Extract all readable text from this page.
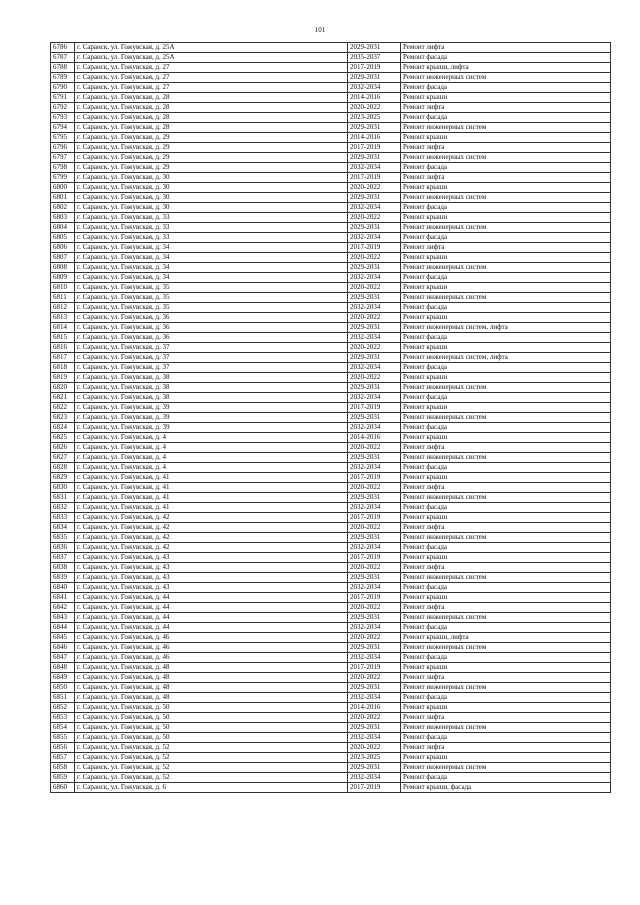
101
6786	г. Саранск, ул. Гожувская, д. 25А	2029-2031	Ремонт лифта
6787	г. Саранск, ул. Гожувская, д. 25А	2035-2037	Ремонт фасада
6788	г. Саранск, ул. Гожувская, д. 27	2017-2019	Ремонт крыши, лифта
6789	г. Саранск, ул. Гожувская, д. 27	2029-2031	Ремонт инженерных систем
6790	г. Саранск, ул. Гожувская, д. 27	2032-2034	Ремонт фасада
6791	г. Саранск, ул. Гожувская, д. 28	2014-2016	Ремонт крыши
6792	г. Саранск, ул. Гожувская, д. 28	2020-2022	Ремонт лифта
6793	г. Саранск, ул. Гожувская, д. 28	2023-2025	Ремонт фасада
6794	г. Саранск, ул. Гожувская, д. 28	2029-2031	Ремонт инженерных систем
6795	г. Саранск, ул. Гожувская, д. 29	2014-2016	Ремонт крыши
6796	г. Саранск, ул. Гожувская, д. 29	2017-2019	Ремонт лифта
6797	г. Саранск, ул. Гожувская, д. 29	2029-2031	Ремонт инженерных систем
6798	г. Саранск, ул. Гожувская, д. 29	2032-2034	Ремонт фасада
6799	г. Саранск, ул. Гожувская, д. 30	2017-2019	Ремонт лифта
6800	г. Саранск, ул. Гожувская, д. 30	2020-2022	Ремонт крыши
6801	г. Саранск, ул. Гожувская, д. 30	2029-2031	Ремонт инженерных систем
6802	г. Саранск, ул. Гожувская, д. 30	2032-2034	Ремонт фасада
6803	г. Саранск, ул. Гожувская, д. 33	2020-2022	Ремонт крыши
6804	г. Саранск, ул. Гожувская, д. 33	2029-2031	Ремонт инженерных систем
6805	г. Саранск, ул. Гожувская, д. 33	2032-2034	Ремонт фасада
6806	г. Саранск, ул. Гожувская, д. 34	2017-2019	Ремонт лифта
6807	г. Саранск, ул. Гожувская, д. 34	2020-2022	Ремонт крыши
6808	г. Саранск, ул. Гожувская, д. 34	2029-2031	Ремонт инженерных систем
6809	г. Саранск, ул. Гожувская, д. 34	2032-2034	Ремонт фасада
6810	г. Саранск, ул. Гожувская, д. 35	2020-2022	Ремонт крыши
6811	г. Саранск, ул. Гожувская, д. 35	2029-2031	Ремонт инженерных систем
6812	г. Саранск, ул. Гожувская, д. 35	2032-2034	Ремонт фасада
6813	г. Саранск, ул. Гожувская, д. 36	2020-2022	Ремонт крыши
6814	г. Саранск, ул. Гожувская, д. 36	2029-2031	Ремонт инженерных систем, лифта
6815	г. Саранск, ул. Гожувская, д. 36	2032-2034	Ремонт фасада
6816	г. Саранск, ул. Гожувская, д. 37	2020-2022	Ремонт крыши
6817	г. Саранск, ул. Гожувская, д. 37	2029-2031	Ремонт инженерных систем, лифта
6818	г. Саранск, ул. Гожувская, д. 37	2032-2034	Ремонт фасада
6819	г. Саранск, ул. Гожувская, д. 38	2020-2022	Ремонт крыши
6820	г. Саранск, ул. Гожувская, д. 38	2029-2031	Ремонт инженерных систем
6821	г. Саранск, ул. Гожувская, д. 38	2032-2034	Ремонт фасада
6822	г. Саранск, ул. Гожувская, д. 39	2017-2019	Ремонт крыши
6823	г. Саранск, ул. Гожувская, д. 39	2029-2031	Ремонт инженерных систем
6824	г. Саранск, ул. Гожувская, д. 39	2032-2034	Ремонт фасада
6825	г. Саранск, ул. Гожувская, д. 4	2014-2016	Ремонт крыши
6826	г. Саранск, ул. Гожувская, д. 4	2020-2022	Ремонт лифта
6827	г. Саранск, ул. Гожувская, д. 4	2029-2031	Ремонт инженерных систем
6828	г. Саранск, ул. Гожувская, д. 4	2032-2034	Ремонт фасада
6829	г. Саранск, ул. Гожувская, д. 41	2017-2019	Ремонт крыши
6830	г. Саранск, ул. Гожувская, д. 41	2020-2022	Ремонт лифта
6831	г. Саранск, ул. Гожувская, д. 41	2029-2031	Ремонт инженерных систем
6832	г. Саранск, ул. Гожувская, д. 41	2032-2034	Ремонт фасада
6833	г. Саранск, ул. Гожувская, д. 42	2017-2019	Ремонт крыши
6834	г. Саранск, ул. Гожувская, д. 42	2020-2022	Ремонт лифта
6835	г. Саранск, ул. Гожувская, д. 42	2029-2031	Ремонт инженерных систем
6836	г. Саранск, ул. Гожувская, д. 42	2032-2034	Ремонт фасада
6837	г. Саранск, ул. Гожувская, д. 43	2017-2019	Ремонт крыши
6838	г. Саранск, ул. Гожувская, д. 43	2020-2022	Ремонт лифта
6839	г. Саранск, ул. Гожувская, д. 43	2029-2031	Ремонт инженерных систем
6840	г. Саранск, ул. Гожувская, д. 43	2032-2034	Ремонт фасада
6841	г. Саранск, ул. Гожувская, д. 44	2017-2019	Ремонт крыши
6842	г. Саранск, ул. Гожувская, д. 44	2020-2022	Ремонт лифта
6843	г. Саранск, ул. Гожувская, д. 44	2029-2031	Ремонт инженерных систем
6844	г. Саранск, ул. Гожувская, д. 44	2032-2034	Ремонт фасада
6845	г. Саранск, ул. Гожувская, д. 46	2020-2022	Ремонт крыши, лифта
6846	г. Саранск, ул. Гожувская, д. 46	2029-2031	Ремонт инженерных систем
6847	г. Саранск, ул. Гожувская, д. 46	2032-2034	Ремонт фасада
6848	г. Саранск, ул. Гожувская, д. 48	2017-2019	Ремонт крыши
6849	г. Саранск, ул. Гожувская, д. 48	2020-2022	Ремонт лифта
6850	г. Саранск, ул. Гожувская, д. 48	2029-2031	Ремонт инженерных систем
6851	г. Саранск, ул. Гожувская, д. 48	2032-2034	Ремонт фасада
6852	г. Саранск, ул. Гожувская, д. 50	2014-2016	Ремонт крыши
6853	г. Саранск, ул. Гожувская, д. 50	2020-2022	Ремонт лифта
6854	г. Саранск, ул. Гожувская, д. 50	2029-2031	Ремонт инженерных систем
6855	г. Саранск, ул. Гожувская, д. 50	2032-2034	Ремонт фасада
6856	г. Саранск, ул. Гожувская, д. 52	2020-2022	Ремонт лифта
6857	г. Саранск, ул. Гожувская, д. 52	2023-2025	Ремонт крыши
6858	г. Саранск, ул. Гожувская, д. 52	2029-2031	Ремонт инженерных систем
6859	г. Саранск, ул. Гожувская, д. 52	2032-2034	Ремонт фасада
6860	г. Саранск, ул. Гожувская, д. 6	2017-2019	Ремонт крыши, фасада
